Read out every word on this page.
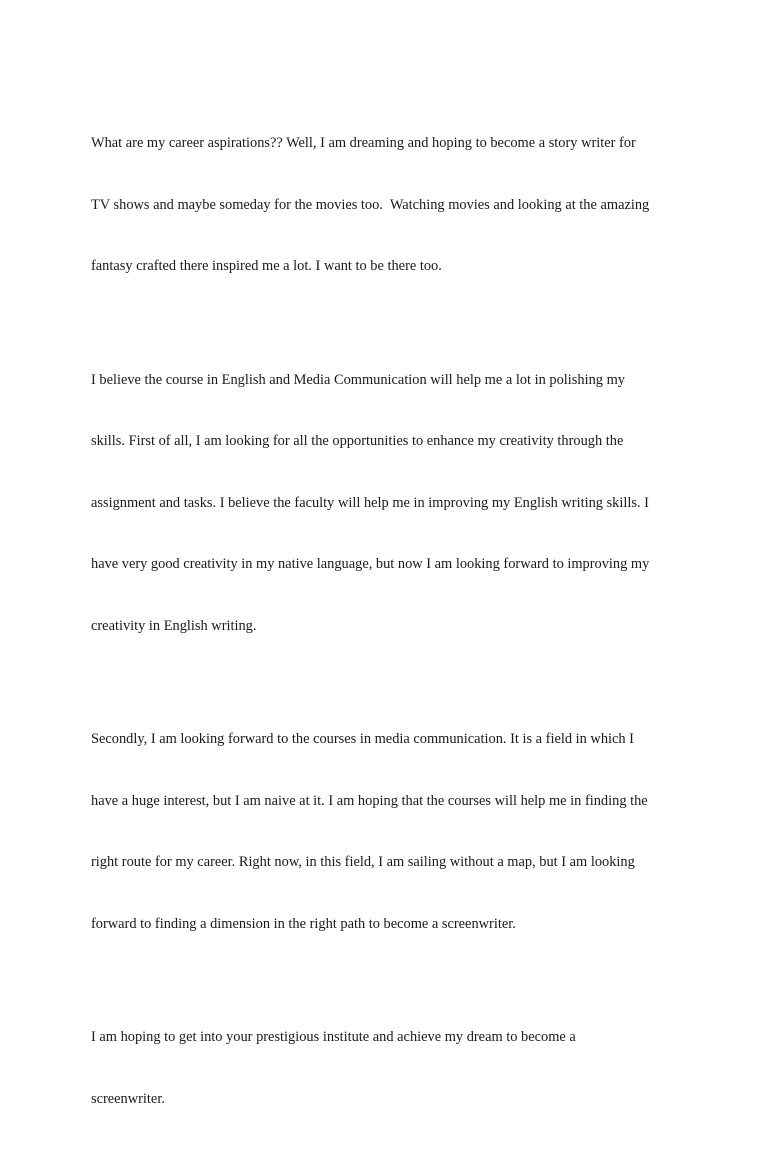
What are my career aspirations?? Well, I am dreaming and hoping to become a story writer for

TV shows and maybe someday for the movies too.  Watching movies and looking at the amazing

fantasy crafted there inspired me a lot. I want to be there too.

I believe the course in English and Media Communication will help me a lot in polishing my

skills. First of all, I am looking for all the opportunities to enhance my creativity through the

assignment and tasks. I believe the faculty will help me in improving my English writing skills. I

have very good creativity in my native language, but now I am looking forward to improving my

creativity in English writing.

Secondly, I am looking forward to the courses in media communication. It is a field in which I

have a huge interest, but I am naive at it. I am hoping that the courses will help me in finding the

right route for my career. Right now, in this field, I am sailing without a map, but I am looking

forward to finding a dimension in the right path to become a screenwriter.

I am hoping to get into your prestigious institute and achieve my dream to become a

screenwriter.
